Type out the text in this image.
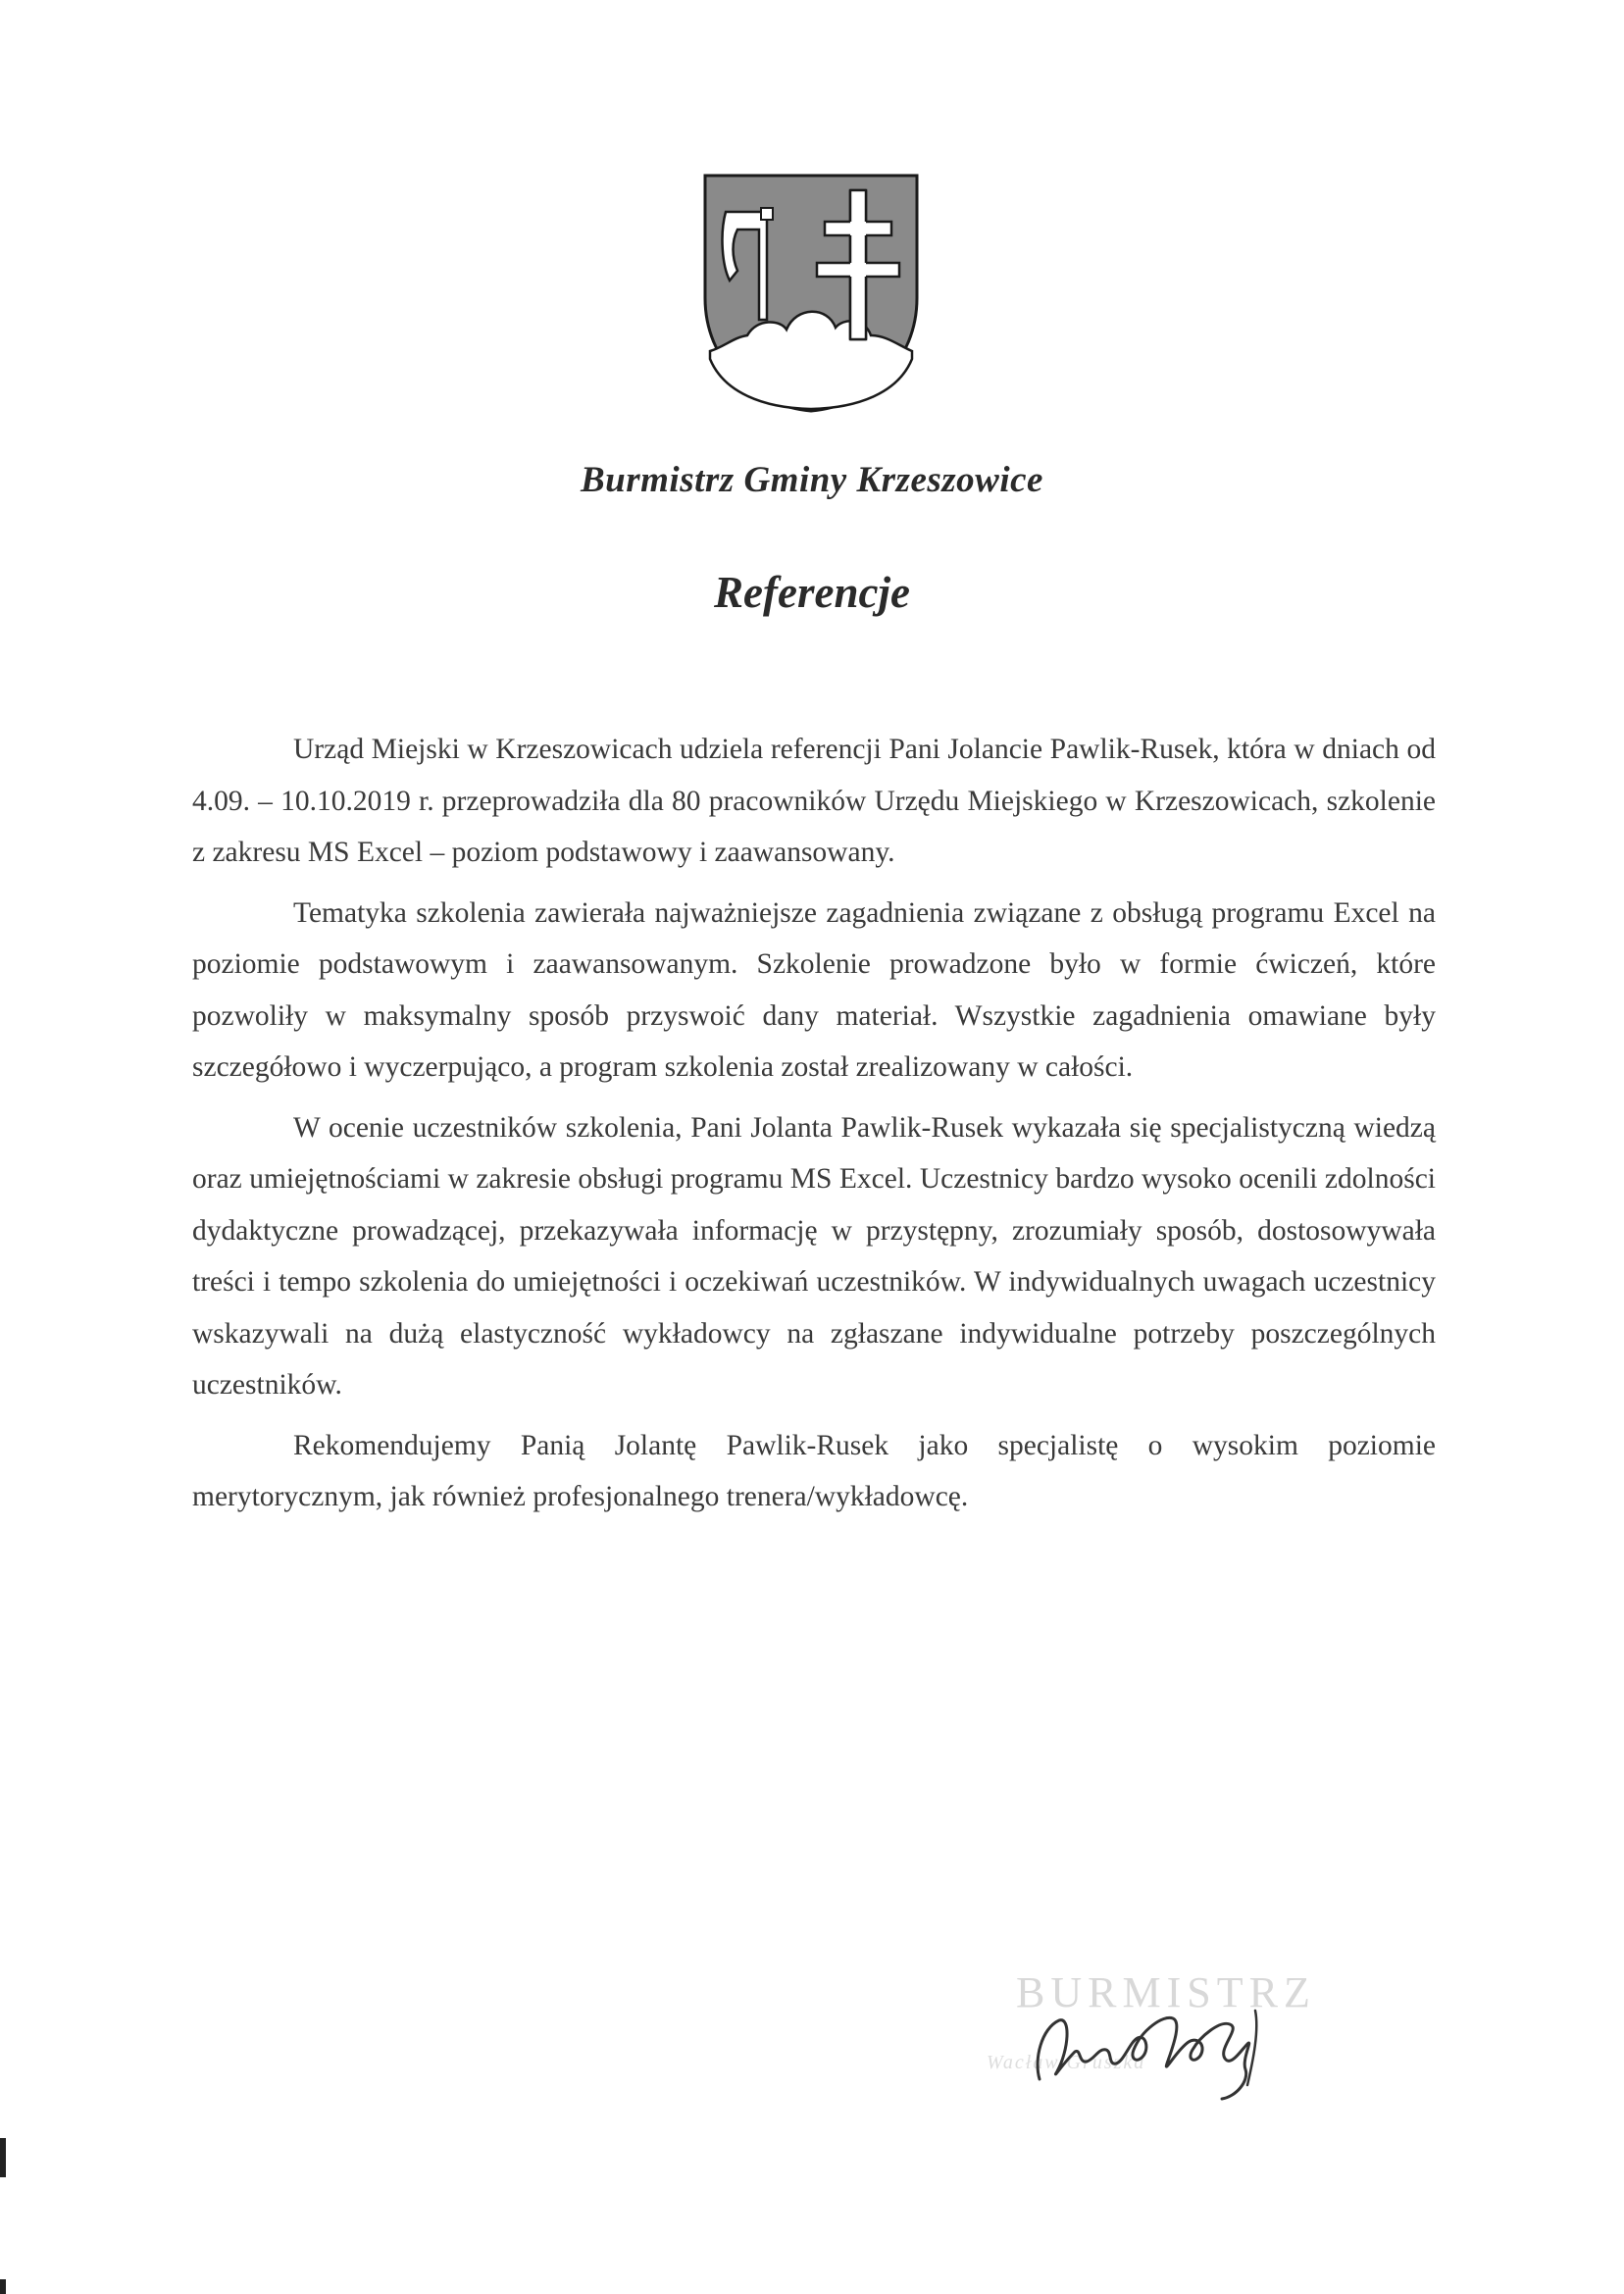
Burmistrz Gminy Krzeszowice
Referencje

Urząd Miejski w Krzeszowicach udziela referencji Pani Jolancie Pawlik-Rusek, która w dniach od 4.09. – 10.10.2019 r. przeprowadziła dla 80 pracowników Urzędu Miejskiego w Krzeszowicach, szkolenie z zakresu MS Excel – poziom podstawowy i zaawansowany.

Tematyka szkolenia zawierała najważniejsze zagadnienia związane z obsługą programu Excel na poziomie podstawowym i zaawansowanym. Szkolenie prowadzone było w formie ćwiczeń, które pozwoliły w maksymalny sposób przyswoić dany materiał. Wszystkie zagadnienia omawiane były szczegółowo i wyczerpująco, a program szkolenia został zrealizowany w całości.

W ocenie uczestników szkolenia, Pani Jolanta Pawlik-Rusek wykazała się specjalistyczną wiedzą oraz umiejętnościami w zakresie obsługi programu MS Excel. Uczestnicy bardzo wysoko ocenili zdolności dydaktyczne prowadzącej, przekazywała informację w przystępny, zrozumiały sposób, dostosowywała treści i tempo szkolenia do umiejętności i oczekiwań uczestników. W indywidualnych uwagach uczestnicy wskazywali na dużą elastyczność wykładowcy na zgłaszane indywidualne potrzeby poszczególnych uczestników.

Rekomendujemy Panią Jolantę Pawlik-Rusek jako specjalistę o wysokim poziomie merytorycznym, jak również profesjonalnego trenera/wykładowcę.

BURMISTRZ
Wacław Gruszka
